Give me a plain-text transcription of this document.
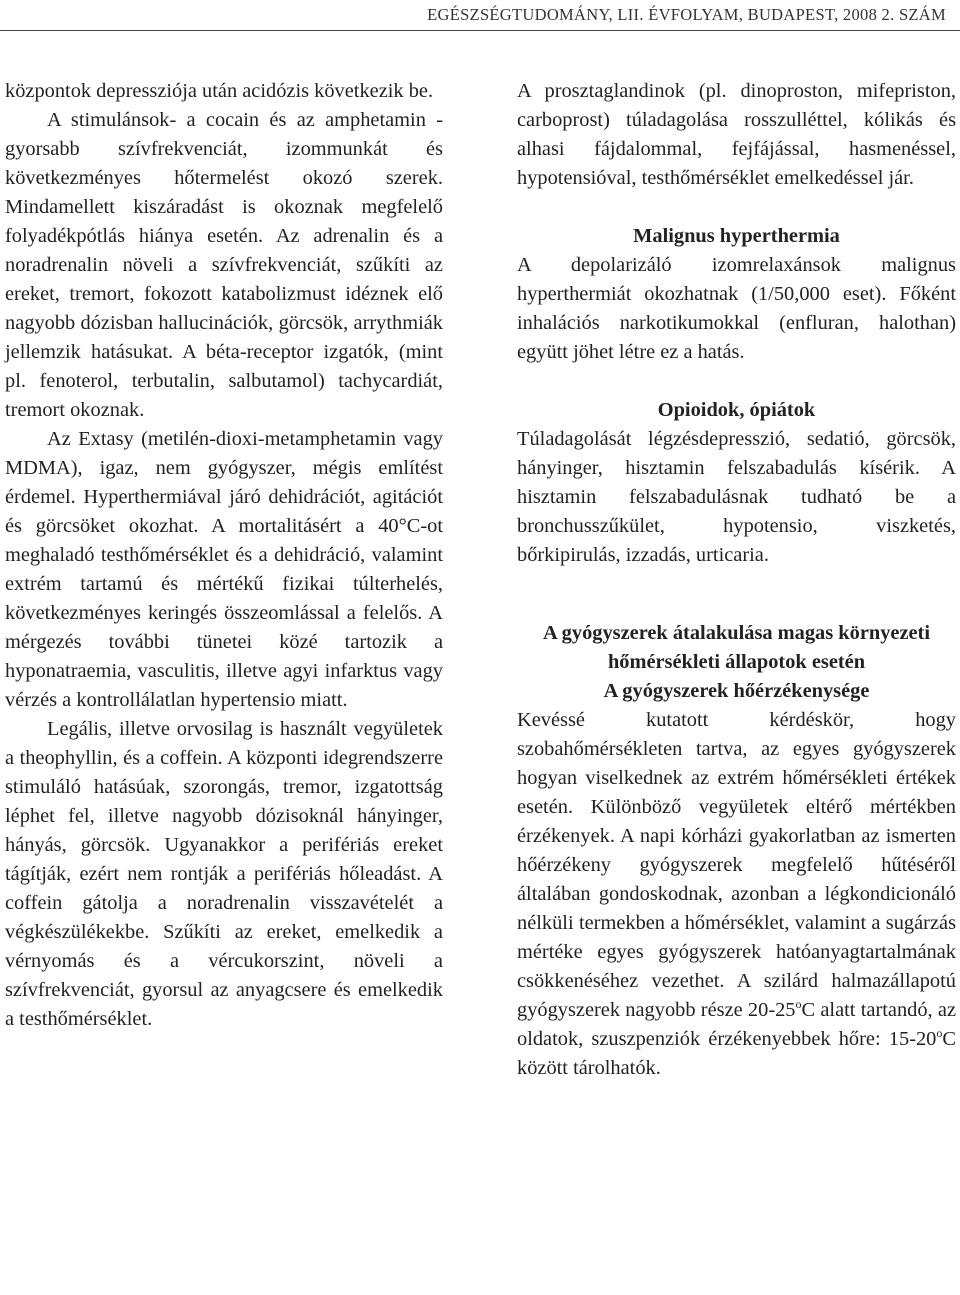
EGÉSZSÉGTUDOMÁNY, LII. ÉVFOLYAM, BUDAPEST, 2008 2. SZÁM

központok depressziója után acidózis következik be.

A stimulánsok- a cocain és az amphetamin - gyorsabb szívfrekvenciát, izommunkát és következményes hőtermelést okozó szerek. Mindamellett kiszáradást is okoznak megfelelő folyadékpótlás hiánya esetén. Az adrenalin és a noradrenalin növeli a szívfrekvenciát, szűkíti az ereket, tremort, fokozott katabolizmust idéznek elő nagyobb dózisban hallucinációk, görcsök, arrythmiák jellemzik hatásukat. A béta-receptor izgatók, (mint pl. fenoterol, terbutalin, salbutamol) tachycardiát, tremort okoznak.

Az Extasy (metilén-dioxi-metamphetamin vagy MDMA), igaz, nem gyógyszer, mégis említést érdemel. Hyperthermiával járó dehidrációt, agitációt és görcsöket okozhat. A mortalitásért a 40°C-ot meghaladó testhőmérséklet és a dehidráció, valamint extrém tartamú és mértékű fizikai túlterhelés, következményes keringés összeomlással a felelős. A mérgezés további tünetei közé tartozik a hyponatraemia, vasculitis, illetve agyi infarktus vagy vérzés a kontrollálatlan hypertensio miatt.

Legális, illetve orvosilag is használt vegyületek a theophyllin, és a coffein. A központi idegrendszerre stimuláló hatásúak, szorongás, tremor, izgatottság léphet fel, illetve nagyobb dózisoknál hányinger, hányás, görcsök. Ugyanakkor a perifériás ereket tágítják, ezért nem rontják a perifériás hőleadást. A coffein gátolja a noradrenalin visszavételét a végkészülékekbe. Szűkíti az ereket, emelkedik a vérnyomás és a vércukorszint, növeli a szívfrekvenciát, gyorsul az anyagcsere és emelkedik a testhőmérséklet.

A prosztaglandinok (pl. dinoproston, mifepriston, carboprost) túladagolása rosszulléttel, kólikás és alhasi fájdalommal, fejfájással, hasmenéssel, hypotensióval, testhőmérséklet emelkedéssel jár.

Malignus hyperthermia

A depolarizáló izomrelaxánsok malignus hyperthermiát okozhatnak (1/50,000 eset). Főként inhalációs narkotikumokkal (enfluran, halothan) együtt jöhet létre ez a hatás.

Opioidok, ópiátok

Túladagolását légzésdepresszió, sedatió, görcsök, hányinger, hisztamin felszabadulás kísérik. A hisztamin felszabadulásnak tudható be a bronchusszűkület, hypotensio, viszketés, bőrkipirulás, izzadás, urticaria.

A gyógyszerek átalakulása magas környezeti hőmérsékleti állapotok esetén

A gyógyszerek hőérzékenysége

Kevéssé kutatott kérdéskör, hogy szobahőmérsékleten tartva, az egyes gyógyszerek hogyan viselkednek az extrém hőmérsékleti értékek esetén. Különböző vegyületek eltérő mértékben érzékenyek. A napi kórházi gyakorlatban az ismerten hőérzékeny gyógyszerek megfelelő hűtéséről általában gondoskodnak, azonban a légkondicionáló nélküli termekben a hőmérséklet, valamint a sugárzás mértéke egyes gyógyszerek hatóanyagtartalmának csökkenéséhez vezethet. A szilárd halmazállapotú gyógyszerek nagyobb része 20-25$^o$C alatt tartandó, az oldatok, szuszpenziók érzékenyebbek hőre: 15-20$^o$C között tárolhatók.
